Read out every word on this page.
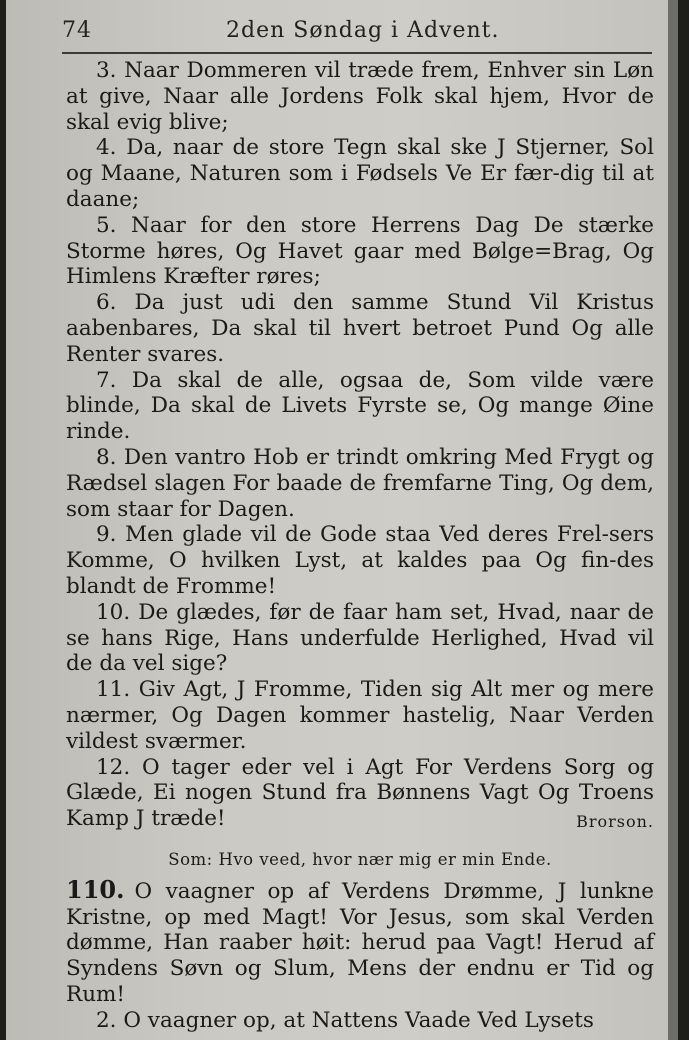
74	2den Søndag i Advent.

3. Naar Dommeren vil træde frem, Enhver sin Løn at give, Naar alle Jordens Folk skal hjem, Hvor de skal evig blive;

4. Da, naar de store Tegn skal ske J Stjerner, Sol og Maane, Naturen som i Fødsels Ve Er fær-dig til at daane;

5. Naar for den store Herrens Dag De stærke Storme høres, Og Havet gaar med Bølge=Brag, Og Himlens Kræfter røres;

6. Da just udi den samme Stund Vil Kristus aabenbares, Da skal til hvert betroet Pund Og alle Renter svares.

7. Da skal de alle, ogsaa de, Som vilde være blinde, Da skal de Livets Fyrste se, Og mange Øine rinde.

8. Den vantro Hob er trindt omkring Med Frygt og Rædsel slagen For baade de fremfarne Ting, Og dem, som staar for Dagen.

9. Men glade vil de Gode staa Ved deres Frel-sers Komme, O hvilken Lyst, at kaldes paa Og fin-des blandt de Fromme!

10. De glædes, før de faar ham set, Hvad, naar de se hans Rige, Hans underfulde Herlighed, Hvad vil de da vel sige?

11. Giv Agt, J Fromme, Tiden sig Alt mer og mere nærmer, Og Dagen kommer hastelig, Naar Verden vildest sværmer.

12. O tager eder vel i Agt For Verdens Sorg og Glæde, Ei nogen Stund fra Bønnens Vagt Og Troens Kamp J træde!	Brorson.

Som: Hvo veed, hvor nær mig er min Ende.

110. O vaagner op af Verdens Drømme, J lunkne Kristne, op med Magt! Vor Jesus, som skal Verden dømme, Han raaber høit: herud paa Vagt! Herud af Syndens Søvn og Slum, Mens der endnu er Tid og Rum!

2. O vaagner op, at Nattens Vaade Ved Lysets
